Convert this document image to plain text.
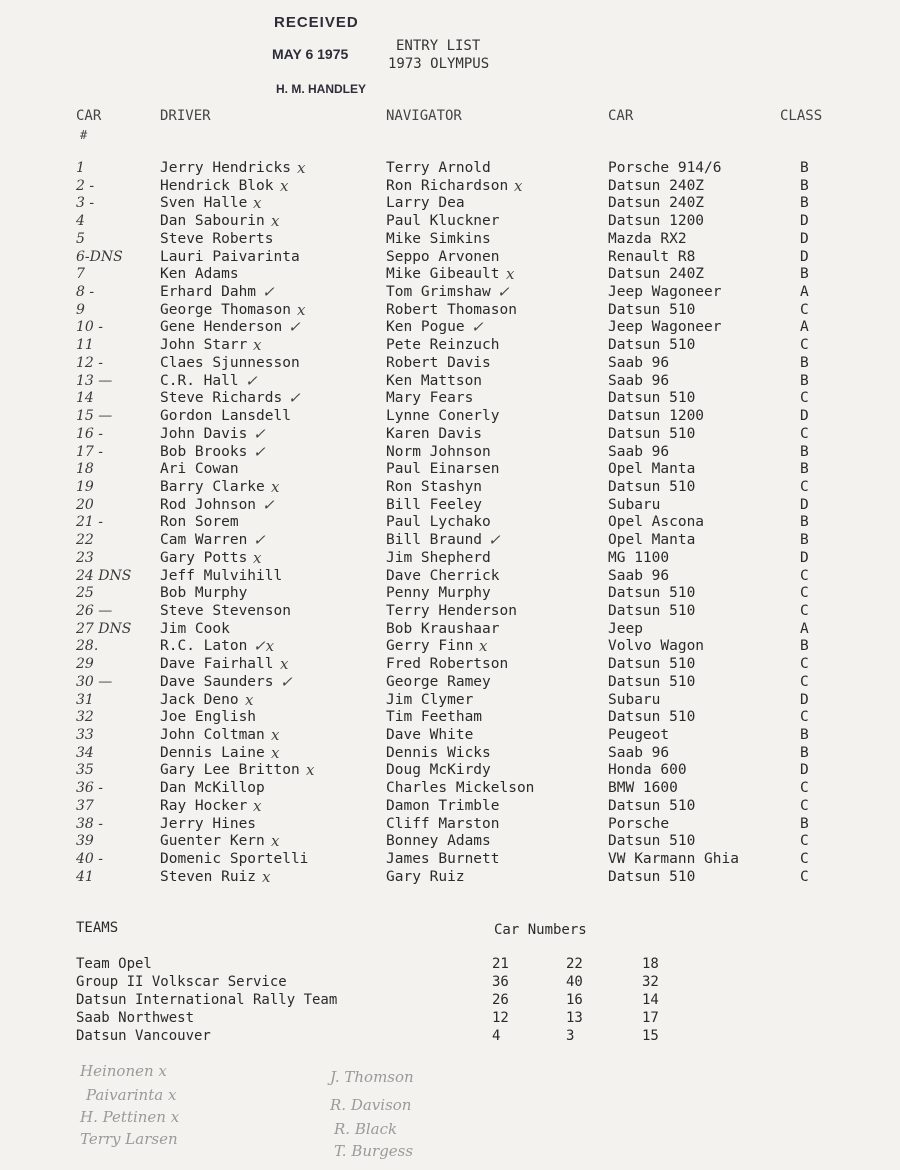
RECEIVED
MAY 6 1975
H. M. HANDLEY
ENTRY LIST
1973 OLYMPUS
CAR
#
DRIVER	NAVIGATOR	CAR	CLASS
1	Jerry Hendricks	Terry Arnold	Porsche 914/6	B
x
2 -	Hendrick Blok	Ron Richardson	Datsun 240Z	B
x	x
3 -	Sven Halle	Larry Dea	Datsun 240Z	B
x
4	Dan Sabourin	Paul Kluckner	Datsun 1200	D
x
5	Steve Roberts	Mike Simkins	Mazda RX2	D
6-DNS	Lauri Paivarinta	Seppo Arvonen	Renault R8	D
7	Ken Adams	Mike Gibeault	Datsun 240Z	B
x
8 -	Erhard Dahm	Tom Grimshaw	Jeep Wagoneer	A
✓	✓
9	George Thomason	Robert Thomason	Datsun 510	C
x
10 -	Gene Henderson	Ken Pogue	Jeep Wagoneer	A
✓	✓
11	John Starr	Pete Reinzuch	Datsun 510	C
x
12 -	Claes Sjunnesson	Robert Davis	Saab 96	B
13 —	C.R. Hall	Ken Mattson	Saab 96	B
✓
14	Steve Richards	Mary Fears	Datsun 510	C
✓
15 —	Gordon Lansdell	Lynne Conerly	Datsun 1200	D
16 -	John Davis	Karen Davis	Datsun 510	C
✓
17 -	Bob Brooks	Norm Johnson	Saab 96	B
✓
18	Ari Cowan	Paul Einarsen	Opel Manta	B
19	Barry Clarke	Ron Stashyn	Datsun 510	C
x
20	Rod Johnson	Bill Feeley	Subaru	D
✓
21 -	Ron Sorem	Paul Lychako	Opel Ascona	B
22	Cam Warren	Bill Braund	Opel Manta	B
✓	✓
23	Gary Potts	Jim Shepherd	MG 1100	D
x
24 DNS Jeff Mulvihill	Dave Cherrick	Saab 96	C
25	Bob Murphy	Penny Murphy	Datsun 510	C
26 —	Steve Stevenson	Terry Henderson	Datsun 510	C
27 DNS Jim Cook	Bob Kraushaar	Jeep	A
28.	R.C. Laton	Gerry Finn	Volvo Wagon	B
✓x	x
29	Dave Fairhall	Fred Robertson	Datsun 510	C
x
30 —	Dave Saunders	George Ramey	Datsun 510	C
✓
31	Jack Deno	Jim Clymer	Subaru	D
x
32	Joe English	Tim Feetham	Datsun 510	C
33	John Coltman	Dave White	Peugeot	B
x
34	Dennis Laine	Dennis Wicks	Saab 96	B
x
35	Gary Lee Britton	Doug McKirdy	Honda 600	D
x
36 -	Dan McKillop	Charles Mickelson	BMW 1600	C
37	Ray Hocker	Damon Trimble	Datsun 510	C
x
38 -	Jerry Hines	Cliff Marston	Porsche	B
39	Guenter Kern	Bonney Adams	Datsun 510	C
x
40 -	Domenic Sportelli	James Burnett	VW Karmann Ghia	C
41	Steven Ruiz	Gary Ruiz	Datsun 510	C
x
TEAMS	Car Numbers
Team Opel	21	22	18
Group II Volkscar Service	36	40	32
Datsun International Rally Team	26	16	14
Saab Northwest	12	13	17
Datsun Vancouver	4	3	15
Heinonen x
Paivarinta x
H. Pettinen x
Terry Larsen
J. Thomson
R. Davison
R. Black
T. Burgess
